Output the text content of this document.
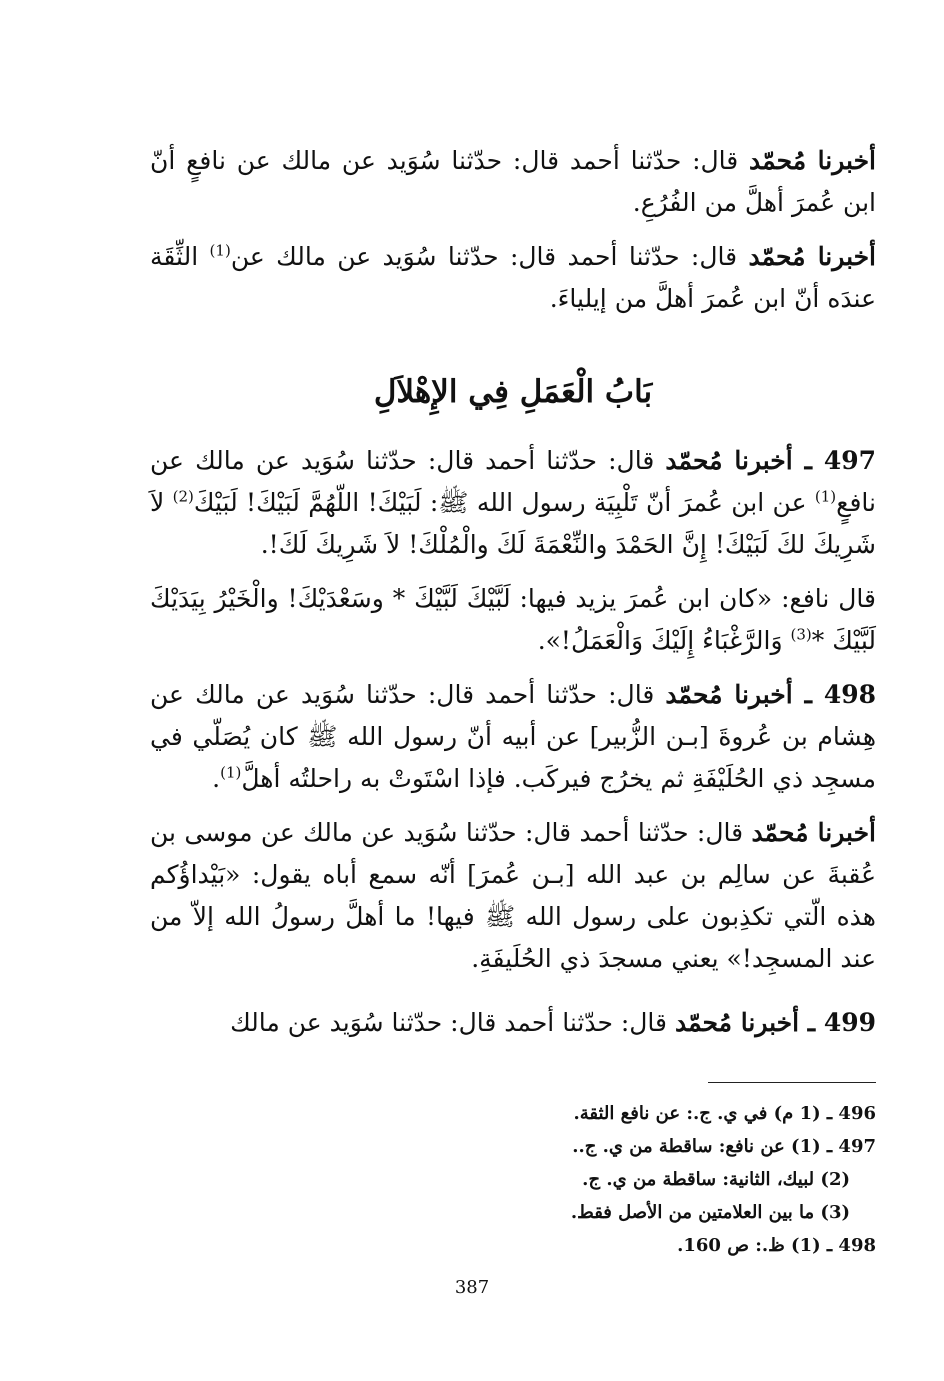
أخبرنا مُحمّد قال: حدّثنا أحمد قال: حدّثنا سُوَيد عن مالك عن نافعٍ أنّ ابن عُمرَ أهلَّ من الفُرُعِ.

أخبرنا مُحمّد قال: حدّثنا أحمد قال: حدّثنا سُوَيد عن مالك عن$^{(1)}$ الثِّقَة عندَه أنّ ابن عُمرَ أهلَّ من إيلياءَ.

بَابُ الْعَمَلِ فِي الإِهْلاَلِ

497 ـ أخبرنا مُحمّد قال: حدّثنا أحمد قال: حدّثنا سُوَيد عن مالك عن نافعٍ$^{(1)}$ عن ابن عُمرَ أنّ تَلْبِيَة رسول الله ﷺ: لَبَيْكَ! اللّهُمَّ لَبَيْكَ! لَبَيْكَ$^{(2)}$ لاَ شَرِيكَ لكَ لَبَيْكَ! إِنَّ الحَمْدَ والنِّعْمَةَ لَكَ والْمُلْكَ! لاَ شَرِيكَ لَكَ!.

قال نافع: «كان ابن عُمرَ يزيد فيها: لَبَّيْكَ لَبَّيْكَ * وسَعْدَيْكَ! والْخَيْرُ بِيَدَيْكَ لَبَّيْكَ *$^{(3)}$ وَالرَّغْبَاءُ إِلَيْكَ وَالْعَمَلُ!».

498 ـ أخبرنا مُحمّد قال: حدّثنا أحمد قال: حدّثنا سُوَيد عن مالك عن هِشام بن عُروةَ [بـن الزُّبير] عن أبيه أنّ رسول الله ﷺ كان يُصَلّي في مسجِد ذي الحُلَيْفَةِ ثم يخرُج فيركَب. فإذا اسْتَوتْ به راحلتُه أهلَّ$^{(1)}$.

أخبرنا مُحمّد قال: حدّثنا أحمد قال: حدّثنا سُوَيد عن مالك عن موسى بن عُقبةَ عن سالِم بن عبد الله [بـن عُمرَ] أنّه سمع أباه يقول: «بَيْداؤُكم هذه الّتي تكذِبون على رسول الله ﷺ فيها! ما أهلَّ رسولُ الله إلاّ من عند المسجِد!» يعني مسجدَ ذي الحُلَيفَةِ.

499 ـ أخبرنا مُحمّد قال: حدّثنا أحمد قال: حدّثنا سُوَيد عن مالك

496 ـ (1 م) في ي. ج.: عن نافع الثقة.

497 ـ (1) عن نافع: ساقطة من ي. ج..

(2) لبيك، الثانية: ساقطة من ي. ج.

(3) ما بين العلامتين من الأصل فقط.

498 ـ (1) ظ.: ص 160.

387
